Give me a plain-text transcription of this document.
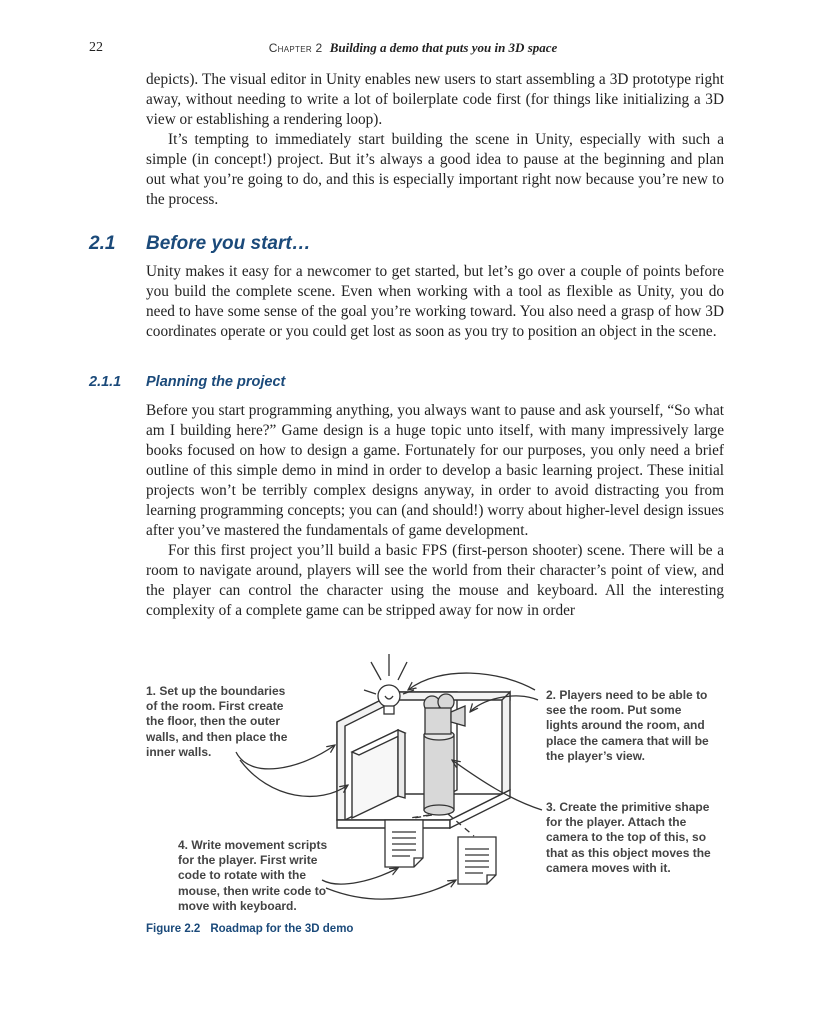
22	Chapter 2 Building a demo that puts you in 3D space

depicts). The visual editor in Unity enables new users to start assembling a 3D prototype right away, without needing to write a lot of boilerplate code first (for things like initializing a 3D view or establishing a rendering loop).

It’s tempting to immediately start building the scene in Unity, especially with such a simple (in concept!) project. But it’s always a good idea to pause at the beginning and plan out what you’re going to do, and this is especially important right now because you’re new to the process.

2.1 Before you start…

Unity makes it easy for a newcomer to get started, but let’s go over a couple of points before you build the complete scene. Even when working with a tool as flexible as Unity, you do need to have some sense of the goal you’re working toward. You also need a grasp of how 3D coordinates operate or you could get lost as soon as you try to position an object in the scene.

2.1.1 Planning the project

Before you start programming anything, you always want to pause and ask yourself, “So what am I building here?” Game design is a huge topic unto itself, with many impressively large books focused on how to design a game. Fortunately for our purposes, you only need a brief outline of this simple demo in mind in order to develop a basic learning project. These initial projects won’t be terribly complex designs anyway, in order to avoid distracting you from learning programming concepts; you can (and should!) worry about higher-level design issues after you’ve mastered the fundamentals of game development.

For this first project you’ll build a basic FPS (first-person shooter) scene. There will be a room to navigate around, players will see the world from their character’s point of view, and the player can control the character using the mouse and keyboard. All the interesting complexity of a complete game can be stripped away for now in order

1. Set up the boundaries of the room. First create the floor, then the outer walls, and then place the inner walls.

2. Players need to be able to see the room. Put some lights around the room, and place the camera that will be the player’s view.

3. Create the primitive shape for the player. Attach the camera to the top of this, so that as this object moves the camera moves with it.

4. Write movement scripts for the player. First write code to rotate with the mouse, then write code to move with keyboard.

Figure 2.2 Roadmap for the 3D demo
